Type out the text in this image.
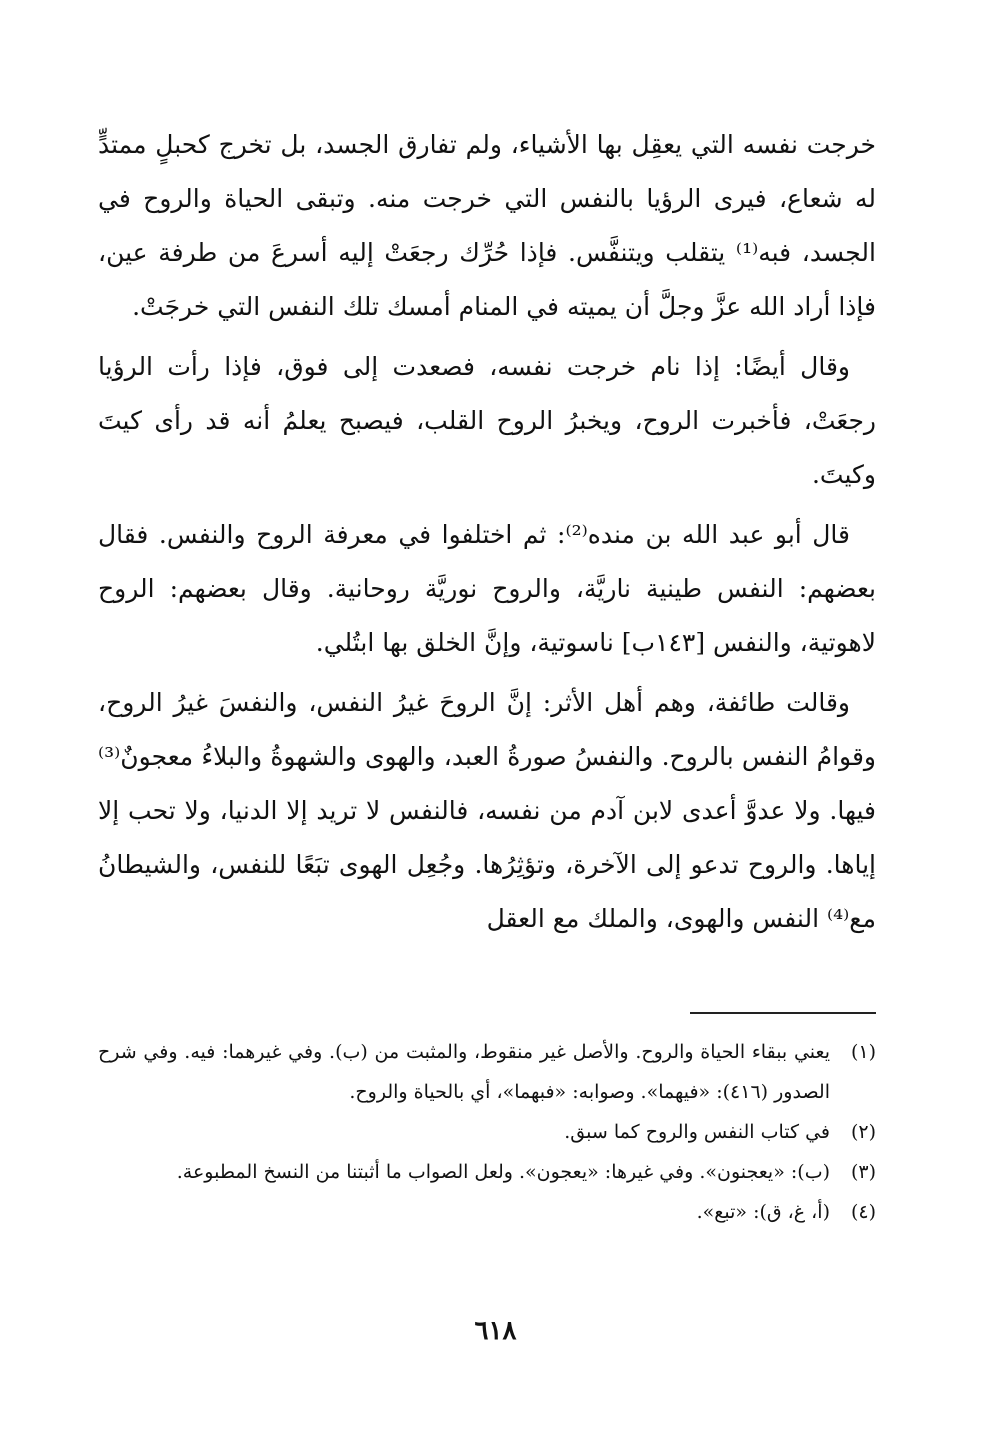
خرجت نفسه التي يعقِل بها الأشياء، ولم تفارق الجسد، بل تخرج كحبلٍ ممتدٍّ له شعاع، فيرى الرؤيا بالنفس التي خرجت منه. وتبقى الحياة والروح في الجسد، فبه⁽¹⁾ يتقلب ويتنفَّس. فإذا حُرِّك رجعَتْ إليه أسرعَ من طرفة عين، فإذا أراد الله عزَّ وجلَّ أن يميته في المنام أمسك تلك النفس التي خرجَتْ.

وقال أيضًا: إذا نام خرجت نفسه، فصعدت إلى فوق، فإذا رأت الرؤيا رجعَتْ، فأخبرت الروح، ويخبرُ الروح القلب، فيصبح يعلمُ أنه قد رأى كيتَ وكيتَ.

قال أبو عبد الله بن منده⁽²⁾: ثم اختلفوا في معرفة الروح والنفس. فقال بعضهم: النفس طينية ناريَّة، والروح نوريَّة روحانية. وقال بعضهم: الروح لاهوتية، والنفس [١٤٣ب] ناسوتية، وإنَّ الخلق بها ابتُلي.

وقالت طائفة، وهم أهل الأثر: إنَّ الروحَ غيرُ النفس، والنفسَ غيرُ الروح، وقوامُ النفس بالروح. والنفسُ صورةُ العبد، والهوى والشهوةُ والبلاءُ معجونٌ⁽³⁾ فيها. ولا عدوَّ أعدى لابن آدم من نفسه، فالنفس لا تريد إلا الدنيا، ولا تحب إلا إياها. والروح تدعو إلى الآخرة، وتؤثِرُها. وجُعِل الهوى تبَعًا للنفس، والشيطانُ مع⁽⁴⁾ النفس والهوى، والملك مع العقل

(١)
يعني ببقاء الحياة والروح. والأصل غير منقوط، والمثبت من (ب). وفي غيرهما: فيه. وفي شرح الصدور (٤١٦): «فيهما». وصوابه: «فبهما»، أي بالحياة والروح.
(٢)
في كتاب النفس والروح كما سبق.
(٣)
(ب): «يعجنون». وفي غيرها: «يعجون». ولعل الصواب ما أثبتنا من النسخ المطبوعة.
(٤)
(أ، غ، ق): «تبع».
٦١٨
